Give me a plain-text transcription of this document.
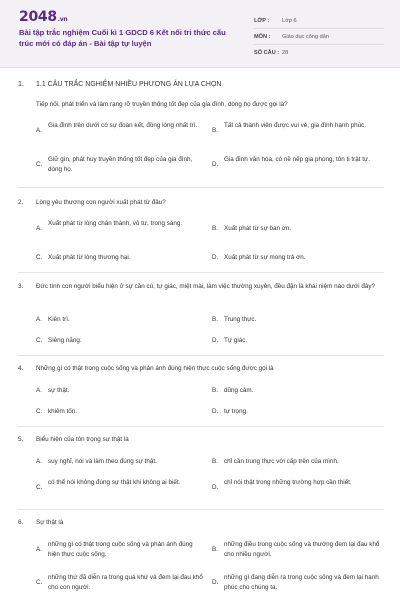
2048.vn
Bài tập trắc nghiệm Cuối kì 1 GDCD 6 Kết nối tri thức cấu trúc mới có đáp án - Bài tập tự luyện
LỚP :	Lớp 6
MÔN :	Giáo dục công dân
SỐ CÂU : 28
1. 1.1 CÂU TRẮC NGHIỆM NHIỀU PHƯƠNG ÁN LỰA CHỌN
Tiếp nối, phát triển và làm rạng rỡ truyền thống tốt đẹp của gia đình, dòng họ được gọi là?
A.
Gia đình trên dưới có sự đoàn kết, đồng lòng nhất trí.
B.
Tất cả thành viên được vui vẻ, gia đình hạnh phúc.
C.
Giữ gìn, phát huy truyền thống tốt đẹp của gia đình, dòng họ.
D.
Gia đình văn hóa, có nề nếp gia phong, tôn ti trật tự.
2.	Lòng yêu thương con người xuất phát từ đâu?
A.
Xuất phát từ lòng chân thành, vô tư, trong sáng.
B. Xuất phát từ sự ban ơn.
C. Xuất phát từ lòng thương hại.	D. Xuất phát từ sự mong trả ơn.
3.	Đức tính con người biểu hiện ở sự cần cù, tự giác, miệt mài, làm việc thường xuyên, đều đặn là khái niệm nào dưới đây?
A. Kiên trì.	B. Trung thực.
C. Siêng năng.	D. Tự giác.
4.	Những gì có thật trong cuộc sống và phản ánh đúng hiện thực cuộc sống được gọi là
A. sự thật.	B. dũng cảm.
C. khiêm tốn.	D. tự trọng.
5.	Biểu hiện của tôn trọng sự thật là
A. suy nghĩ, nói và làm theo đúng sự thật.	B. chỉ cần trung thực với cấp trên của mình.
C.
có thể nói không đúng sự thật khi không ai biết.
D.
chỉ nói thật trong những trường hợp cần thiết.
6.	Sự thật là
A.
những gì có thật trong cuộc sống và phản ánh đúng hiện thực cuộc sống.
B.
những điều trong cuộc sống và thường đem lại đau khổ cho nhiều người.
C.
những thứ đã diễn ra trong quá khứ và đem lại đau khổ cho con người.
D.
những gì đang diễn ra trong cuộc sống và đem lại hạnh phúc cho chúng ta.
